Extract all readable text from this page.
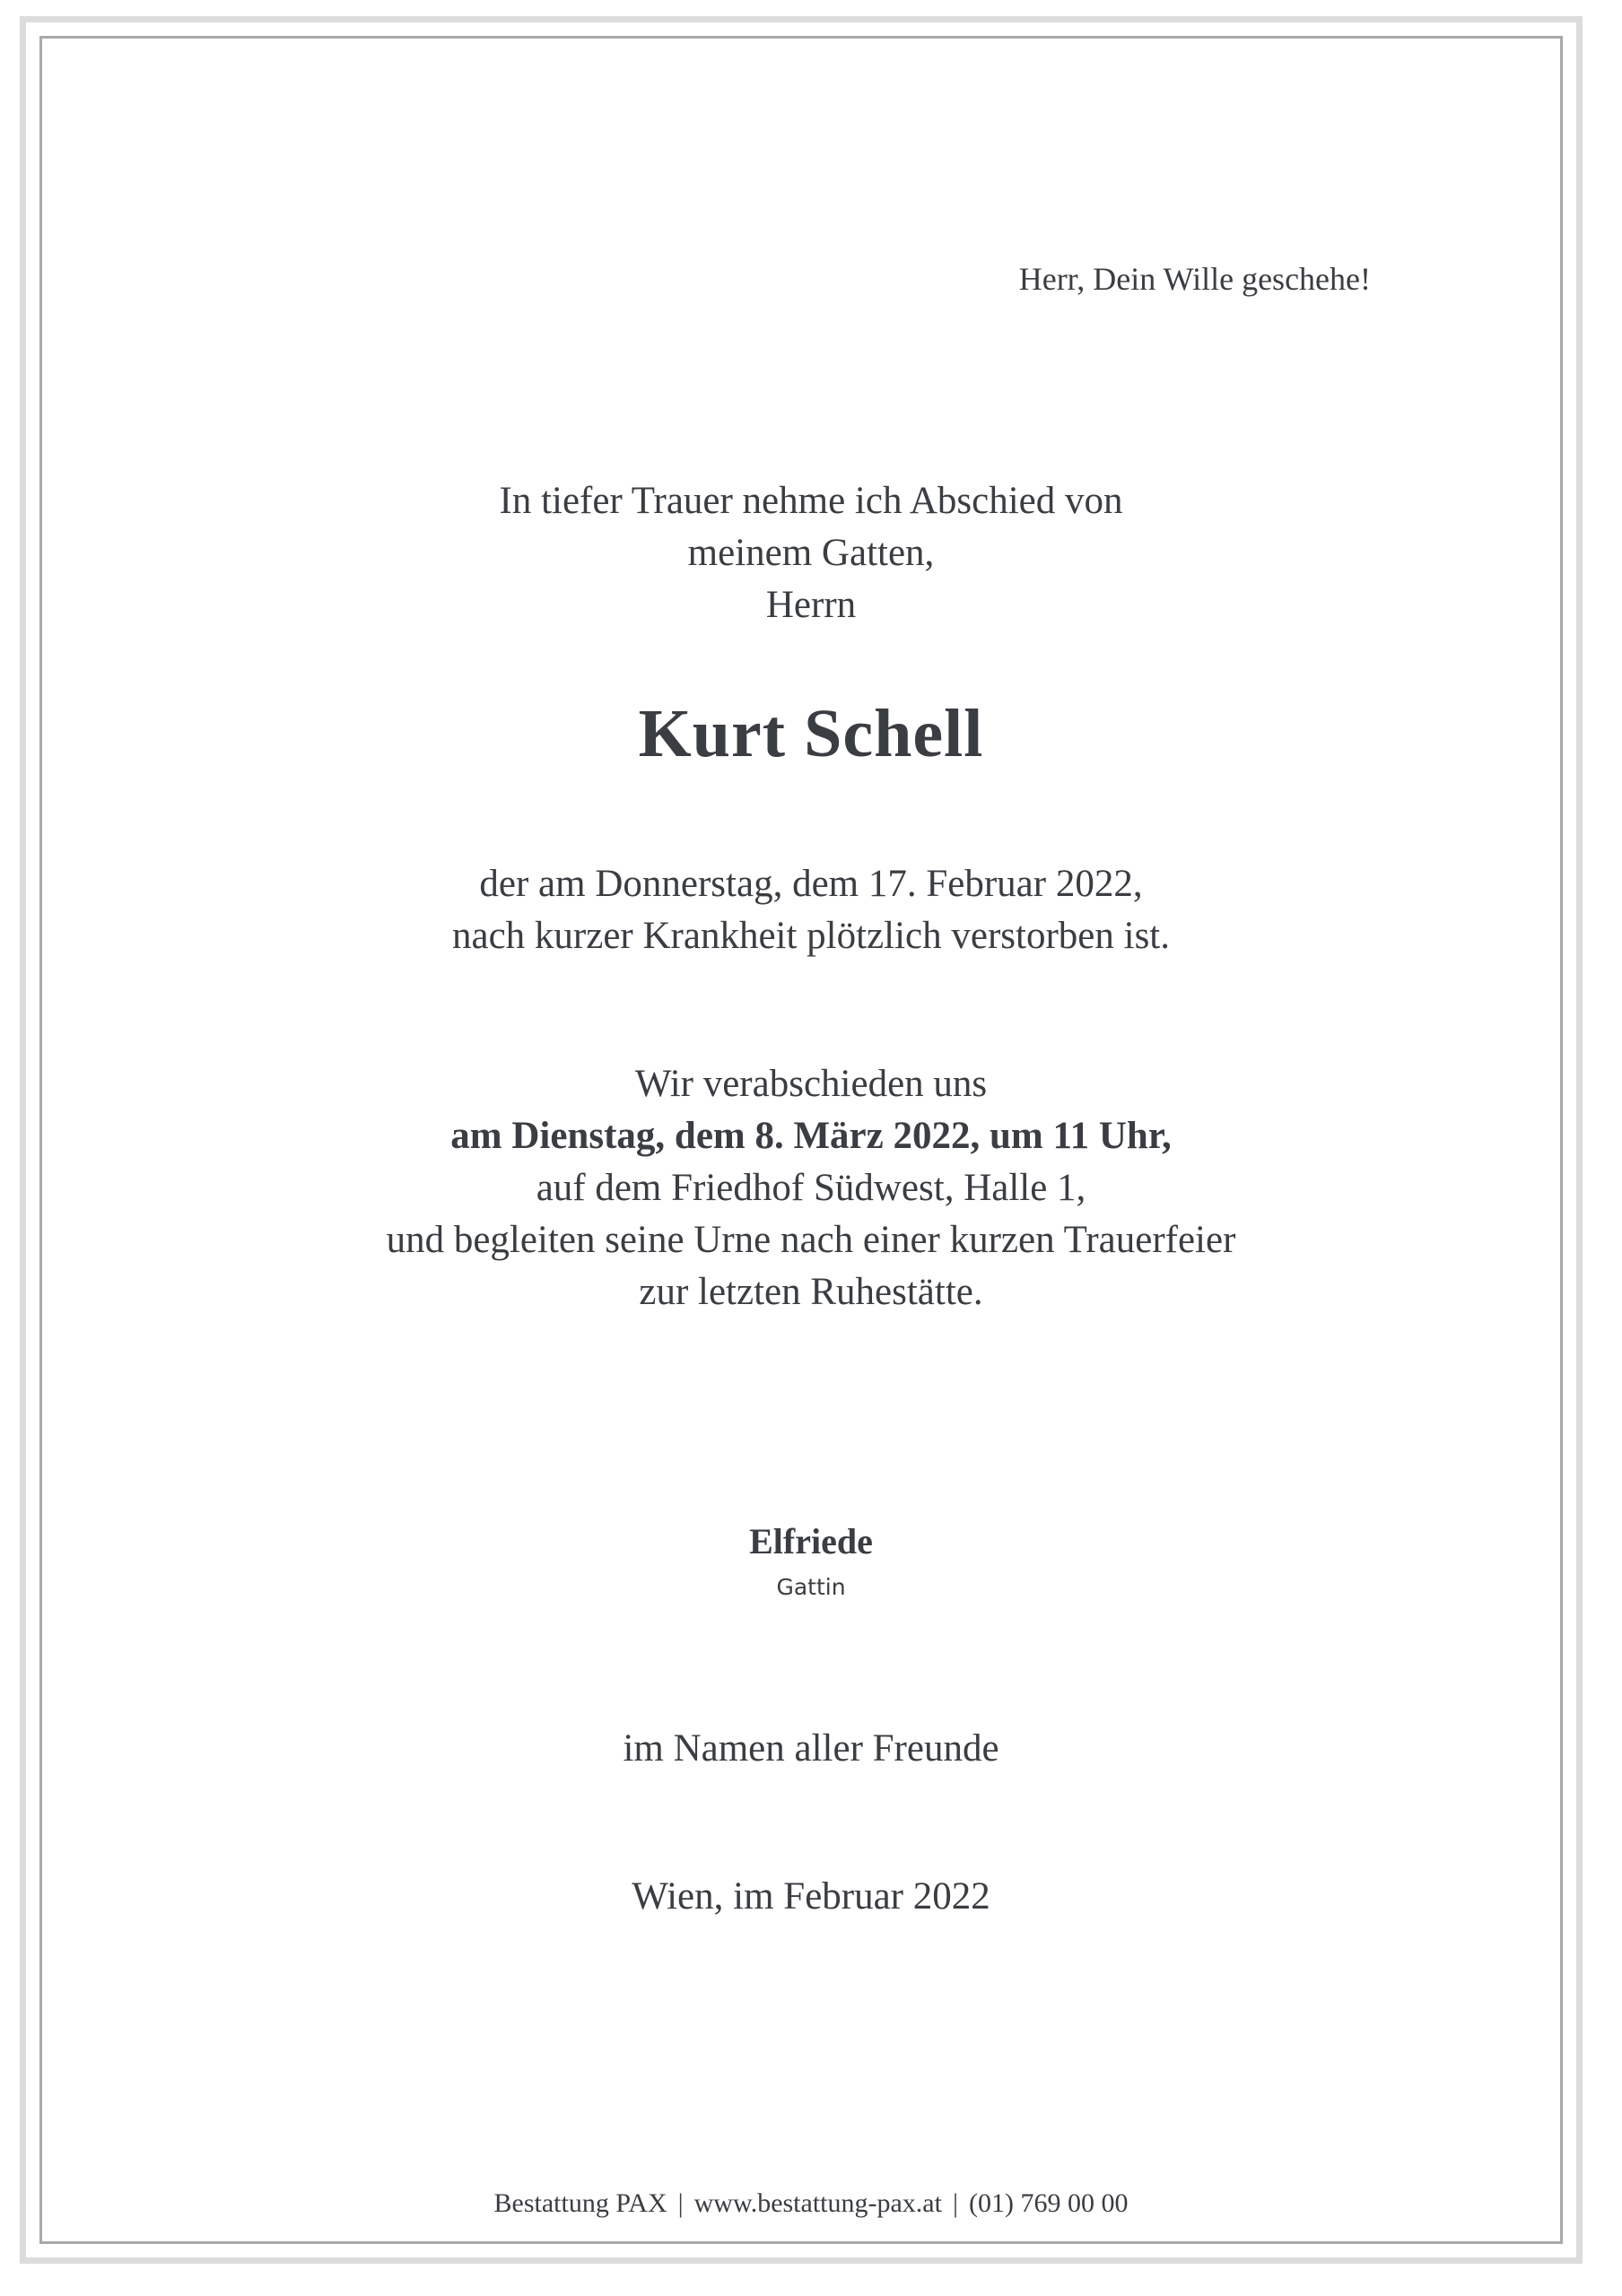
Herr, Dein Wille geschehe!
In tiefer Trauer nehme ich Abschied von
meinem Gatten,
Herrn
Kurt Schell
der am Donnerstag, dem 17. Februar 2022,
nach kurzer Krankheit plötzlich verstorben ist.
Wir verabschieden uns
am Dienstag, dem 8. März 2022, um 11 Uhr,
auf dem Friedhof Südwest, Halle 1,
und begleiten seine Urne nach einer kurzen Trauerfeier
zur letzten Ruhestätte.
Elfriede
Gattin
im Namen aller Freunde
Wien, im Februar 2022
Bestattung PAX | www.bestattung-pax.at | (01) 769 00 00
